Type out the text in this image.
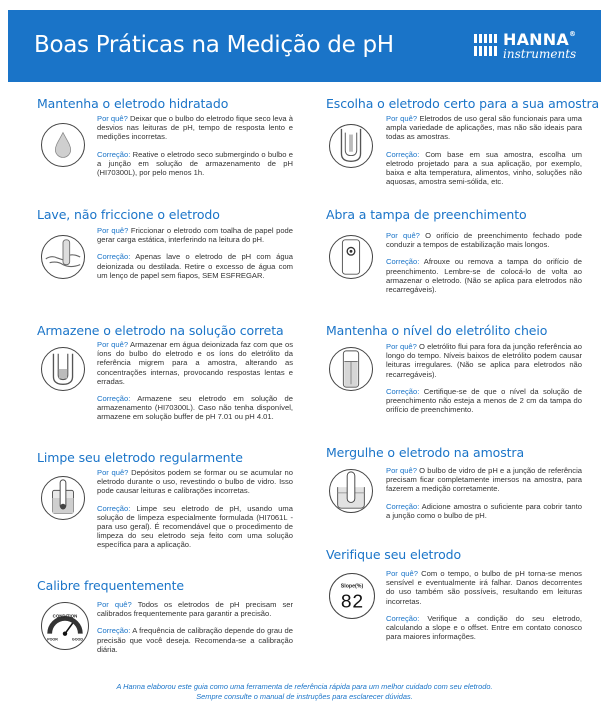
Boas Práticas na Medição de pH	HANNA®
instruments
Mantenha o eletrodo hidratado
Por quê? Deixar que o bulbo do eletrodo fique seco leva à desvios nas leituras de pH, tempo de resposta lento e medições incorretas.
Correção: Reative o eletrodo seco submergindo o bulbo e a junção em solução de armazenamento de pH (HI70300L), por pelo menos 1h.
Lave, não friccione o eletrodo
Por quê? Friccionar o eletrodo com toalha de papel pode gerar carga estática, interferindo na leitura do pH.
Correção: Apenas lave o eletrodo de pH com água deionizada ou destilada. Retire o excesso de água com um lenço de papel sem fiapos, SEM ESFREGAR.
Armazene o eletrodo na solução correta
Por quê? Armazenar em água deionizada faz com que os íons do bulbo do eletrodo e os íons do eletrólito da referência migrem para a amostra, alterando as concentrações internas, provocando respostas lentas e erradas.
Correção: Armazene seu eletrodo em solução de armazenamento (HI70300L). Caso não tenha disponível, armazene em solução buffer de pH 7.01 ou pH 4.01.
Limpe seu eletrodo regularmente
Por quê? Depósitos podem se formar ou se acumular no eletrodo durante o uso, revestindo o bulbo de vidro. Isso pode causar leituras e calibrações incorretas.
Correção: Limpe seu eletrodo de pH, usando uma solução de limpeza especialmente formulada (HI7061L - para uso geral). É recomendável que o procedimento de limpeza do seu eletrodo seja feito com uma solução específica para a aplicação.
Calibre frequentemente
CONDITION
POOR	GOOD
Por quê? Todos os eletrodos de pH precisam ser calibrados frequentemente para garantir a precisão.
Correção: A frequência de calibração depende do grau de precisão que você deseja. Recomenda-se a calibração diária.
Escolha o eletrodo certo para a sua amostra
Por quê? Eletrodos de uso geral são funcionais para uma ampla variedade de aplicações, mas não são ideais para todas as amostras.
Correção: Com base em sua amostra, escolha um eletrodo projetado para a sua aplicação, por exemplo, baixa e alta temperatura, alimentos, vinho, soluções não aquosas, amostra semi-sólida, etc.
Abra a tampa de preenchimento
Por quê? O orifício de preenchimento fechado pode conduzir a tempos de estabilização mais longos.
Correção: Afrouxe ou remova a tampa do orifício de preenchimento. Lembre-se de colocá-lo de volta ao armazenar o eletrodo. (Não se aplica para eletrodos não recarregáveis).
Mantenha o nível do eletrólito cheio
Por quê? O eletrólito flui para fora da junção referência ao longo do tempo. Níveis baixos de eletrólito podem causar leituras irregulares. (Não se aplica para eletrodos não recarregáveis).
Correção: Certifique-se de que o nível da solução de preenchimento não esteja a menos de 2 cm da tampa do orifício de preenchimento.
Mergulhe o eletrodo na amostra
Por quê? O bulbo de vidro de pH e a junção de referência precisam ficar completamente imersos na amostra, para fazerem a medição corretamente.
Correção: Adicione amostra o suficiente para cobrir tanto a junção como o bulbo de pH.
Verifique seu eletrodo
Slope(%)
82
Por quê? Com o tempo, o bulbo de pH torna-se menos sensível e eventualmente irá falhar. Danos decorrentes do uso também são possíveis, resultando em leituras incorretas.
Correção: Verifique a condição do seu eletrodo, calculando a slope e o offset. Entre em contato conosco para maiores informações.
A Hanna elaborou este guia como uma ferramenta de referência rápida para um melhor cuidado com seu eletrodo.
Sempre consulte o manual de instruções para esclarecer dúvidas.
